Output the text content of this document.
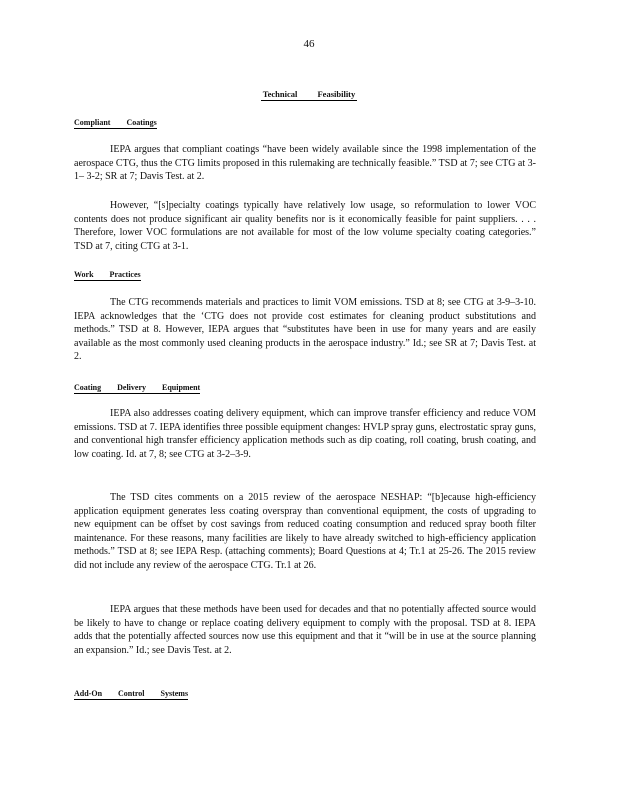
46
Technical Feasibility
Compliant Coatings

IEPA argues that compliant coatings “have been widely available since the 1998 implementation of the aerospace CTG, thus the CTG limits proposed in this rulemaking are technically feasible.” TSD at 7; see CTG at 3-1– 3-2; SR at 7; Davis Test. at 2.

However, “[s]pecialty coatings typically have relatively low usage, so reformulation to lower VOC contents does not produce significant air quality benefits nor is it economically feasible for paint suppliers. . . . Therefore, lower VOC formulations are not available for most of the low volume specialty coating categories.” TSD at 7, citing CTG at 3-1.

Work Practices

The CTG recommends materials and practices to limit VOM emissions. TSD at 8; see CTG at 3-9–3-10. IEPA acknowledges that the ‘CTG does not provide cost estimates for cleaning product substitutions and methods.” TSD at 8. However, IEPA argues that “substitutes have been in use for many years and are easily available as the most commonly used cleaning products in the aerospace industry.” Id.; see SR at 7; Davis Test. at 2.

Coating Delivery Equipment

IEPA also addresses coating delivery equipment, which can improve transfer efficiency and reduce VOM emissions. TSD at 7. IEPA identifies three possible equipment changes: HVLP spray guns, electrostatic spray guns, and conventional high transfer efficiency application methods such as dip coating, roll coating, brush coating, and low coating. Id. at 7, 8; see CTG at 3-2–3-9.

The TSD cites comments on a 2015 review of the aerospace NESHAP: “[b]ecause high-efficiency application equipment generates less coating overspray than conventional equipment, the costs of upgrading to new equipment can be offset by cost savings from reduced coating consumption and reduced spray booth filter maintenance. For these reasons, many facilities are likely to have already switched to high-efficiency application methods.” TSD at 8; see IEPA Resp. (attaching comments); Board Questions at 4; Tr.1 at 25-26. The 2015 review did not include any review of the aerospace CTG. Tr.1 at 26.

IEPA argues that these methods have been used for decades and that no potentially affected source would be likely to have to change or replace coating delivery equipment to comply with the proposal. TSD at 8. IEPA adds that the potentially affected sources now use this equipment and that it “will be in use at the source planning an expansion.” Id.; see Davis Test. at 2.

Add-On Control Systems
